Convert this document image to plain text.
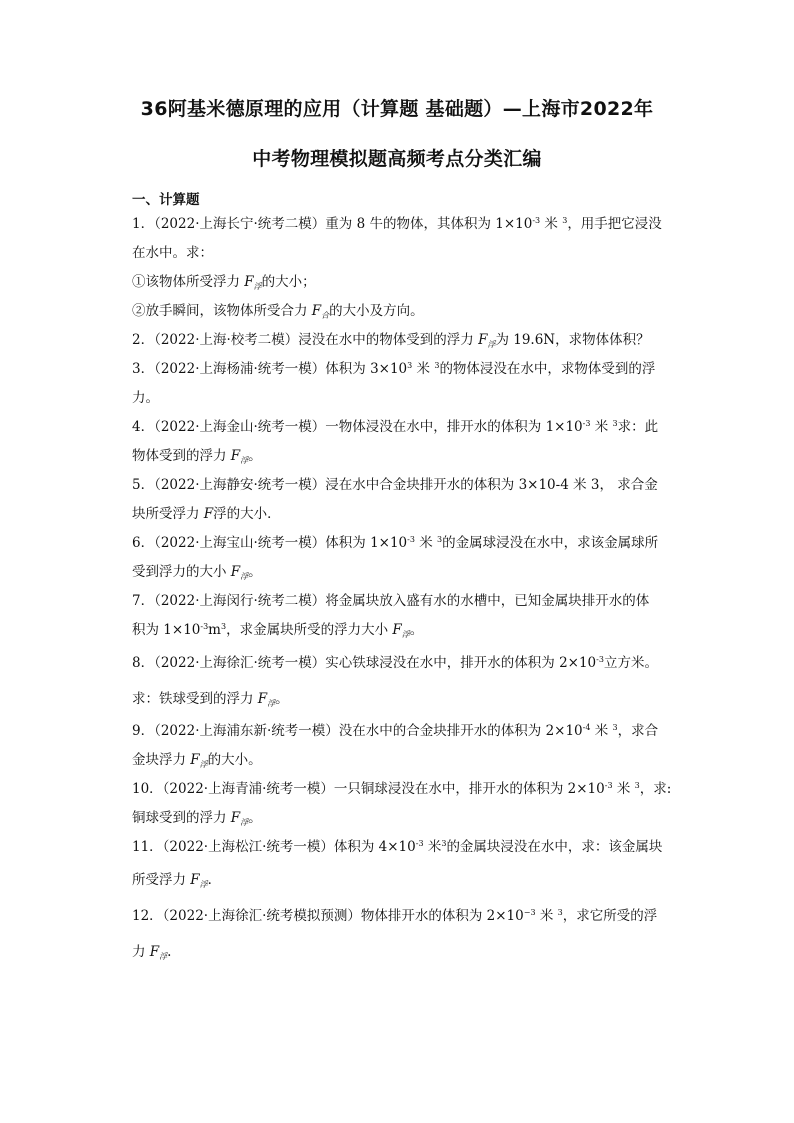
36阿基米德原理的应用（计算题 基础题）—上海市2022年
中考物理模拟题高频考点分类汇编
一、计算题
1．（2022·上海长宁·统考二模）重为 8 牛的物体，其体积为 $1\times 10^{-3}$ 米 $^3$，用手把它浸没
在水中。求：
①该物体所受浮力 $F_浮$的大小；
②放手瞬间，该物体所受合力 $F_合$的大小及方向。
2．（2022·上海·校考二模）浸没在水中的物体受到的浮力 $F_浮$为 19.6N，求物体体积？
3．（2022·上海杨浦·统考一模）体积为 $3\times 10^3$ 米 $^3$的物体浸没在水中，求物体受到的浮
力。
4．（2022·上海金山·统考一模）一物体浸没在水中，排开水的体积为 $1\times 10^{-3}$ 米 $^3$求：此
物体受到的浮力 $F_浮$。
5．（2022·上海静安·统考一模）浸在水中合金块排开水的体积为 3×10-4 米 3， 求合金
块所受浮力 F浮的大小．
6．（2022·上海宝山·统考一模）体积为 $1\times 10^{-3}$ 米 $^3$的金属球浸没在水中，求该金属球所
受到浮力的大小 $F_浮$。
7．（2022·上海闵行·统考二模）将金属块放入盛有水的水槽中，已知金属块排开水的体
积为 $1\times 10^{-3}m^3$，求金属块所受的浮力大小 $F_浮$。
8．（2022·上海徐汇·统考一模）实心铁球浸没在水中，排开水的体积为 $2\times 10^{-3}$立方米。
求：铁球受到的浮力 $F_浮$。
9．（2022·上海浦东新·统考一模）没在水中的合金块排开水的体积为 $2\times 10^{-4}$ 米 $^3$，求合
金块浮力 $F_浮$的大小。
10．（2022·上海青浦·统考一模）一只铜球浸没在水中，排开水的体积为 $2\times 10^{-3}$ 米 $^3$，求:
铜球受到的浮力 $F_浮$。
11．（2022·上海松江·统考一模）体积为 $4\times 10^{-3}$ 米$^3$的金属块浸没在水中，求：该金属块
所受浮力 $F_浮$．
12．（2022·上海徐汇·统考模拟预测）物体排开水的体积为 $2\times 10^{-3}$ 米 $^3$，求它所受的浮
力 $F_浮$.
